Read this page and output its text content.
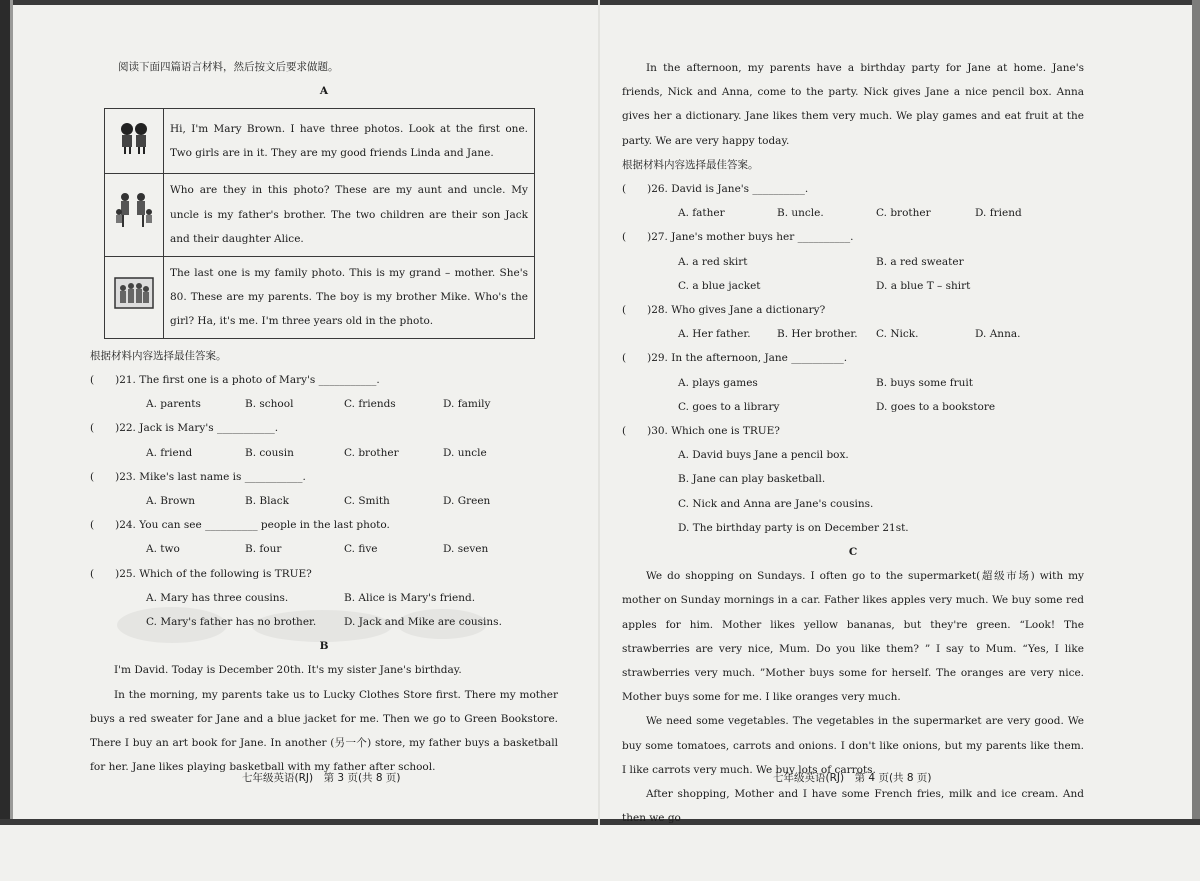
阅读下面四篇语言材料，然后按文后要求做题。

A

	Hi, I'm Mary Brown. I have three photos. Look at the first one. Two girls are in it. They are my good friends Linda and Jane.
	Who are they in this photo? These are my aunt and uncle. My uncle is my father's brother. The two children are their son Jack and their daughter Alice.
	The last one is my family photo. This is my grand – mother. She's 80. These are my parents. The boy is my brother Mike. Who's the girl? Ha, it's me. I'm three years old in the photo.

根据材料内容选择最佳答案。

(　　)21. The first one is a photo of Mary's ___________.

A. parents	B. school	C. friends	D. family

(　　)22. Jack is Mary's ___________.

A. friend	B. cousin	C. brother	D. uncle

(　　)23. Mike's last name is ___________.

A. Brown	B. Black	C. Smith	D. Green

(　　)24. You can see __________ people in the last photo.

A. two	B. four	C. five	D. seven

(　　)25. Which of the following is TRUE?

A. Mary has three cousins.	B. Alice is Mary's friend.
C. Mary's father has no brother.	D. Jack and Mike are cousins.

B

I'm David. Today is December 20th. It's my sister Jane's birthday.

In the morning, my parents take us to Lucky Clothes Store first. There my mother buys a red sweater for Jane and a blue jacket for me. Then we go to Green Bookstore. There I buy an art book for Jane. In another (另一个) store, my father buys a basketball for her. Jane likes playing basketball with my father after school.

七年级英语(RJ)　第 3 页(共 8 页)

In the afternoon, my parents have a birthday party for Jane at home. Jane's friends, Nick and Anna, come to the party. Nick gives Jane a nice pencil box. Anna gives her a dictionary. Jane likes them very much. We play games and eat fruit at the party. We are very happy today.

根据材料内容选择最佳答案。

(　　)26. David is Jane's __________.

A. father	B. uncle.	C. brother	D. friend

(　　)27. Jane's mother buys her __________.

A. a red skirt	B. a red sweater
C. a blue jacket	D. a blue T – shirt

(　　)28. Who gives Jane a dictionary?

A. Her father.	B. Her brother.	C. Nick.	D. Anna.

(　　)29. In the afternoon, Jane __________.

A. plays games	B. buys some fruit
C. goes to a library	D. goes to a bookstore

(　　)30. Which one is TRUE?

A. David buys Jane a pencil box.
B. Jane can play basketball.
C. Nick and Anna are Jane's cousins.
D. The birthday party is on December 21st.

C

We do shopping on Sundays. I often go to the supermarket(超级市场) with my mother on Sunday mornings in a car. Father likes apples very much. We buy some red apples for him. Mother likes yellow bananas, but they're green. “Look! The strawberries are very nice, Mum. Do you like them? ” I say to Mum. “Yes, I like strawberries very much. ”Mother buys some for herself. The oranges are very nice. Mother buys some for me. I like oranges very much.

We need some vegetables. The vegetables in the supermarket are very good. We buy some tomatoes, carrots and onions. I don't like onions, but my parents like them. I like carrots very much. We buy lots of carrots.

After shopping, Mother and I have some French fries, milk and ice cream. And then we go

七年级英语(RJ)　第 4 页(共 8 页)
